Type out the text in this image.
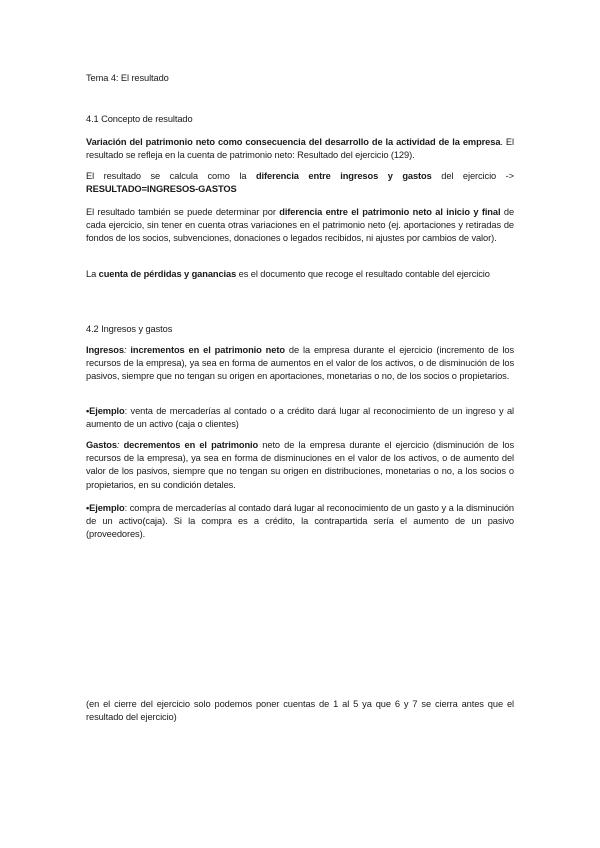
Tema 4: El resultado
4.1 Concepto de resultado

Variación del patrimonio neto como consecuencia del desarrollo de la actividad de la empresa. El resultado se refleja en la cuenta de patrimonio neto: Resultado del ejercicio (129).

El resultado se calcula como la diferencia entre ingresos y gastos del ejercicio -> RESULTADO=INGRESOS-GASTOS

El resultado también se puede determinar por diferencia entre el patrimonio neto al inicio y final de cada ejercicio, sin tener en cuenta otras variaciones en el patrimonio neto (ej. aportaciones y retiradas de fondos de los socios, subvenciones, donaciones o legados recibidos, ni ajustes por cambios de valor).

La cuenta de pérdidas y ganancias es el documento que recoge el resultado contable del ejercicio

4.2 Ingresos y gastos

Ingresos: incrementos en el patrimonio neto de la empresa durante el ejercicio (incremento de los recursos de la empresa), ya sea en forma de aumentos en el valor de los activos, o de disminución de los pasivos, siempre que no tengan su origen en aportaciones, monetarias o no, de los socios o propietarios.

•Ejemplo: venta de mercaderías al contado o a crédito dará lugar al reconocimiento de un ingreso y al aumento de un activo (caja o clientes)

Gastos: decrementos en el patrimonio neto de la empresa durante el ejercicio (disminución de los recursos de la empresa), ya sea en forma de disminuciones en el valor de los activos, o de aumento del valor de los pasivos, siempre que no tengan su origen en distribuciones, monetarias o no, a los socios o propietarios, en su condición detales.

•Ejemplo: compra de mercaderías al contado dará lugar al reconocimiento de un gasto y a la disminución de un activo(caja). Si la compra es a crédito, la contrapartida sería el aumento de un pasivo (proveedores).

(en el cierre del ejercicio solo podemos poner cuentas de 1 al 5 ya que 6 y 7 se cierra antes que el resultado del ejercicio)
